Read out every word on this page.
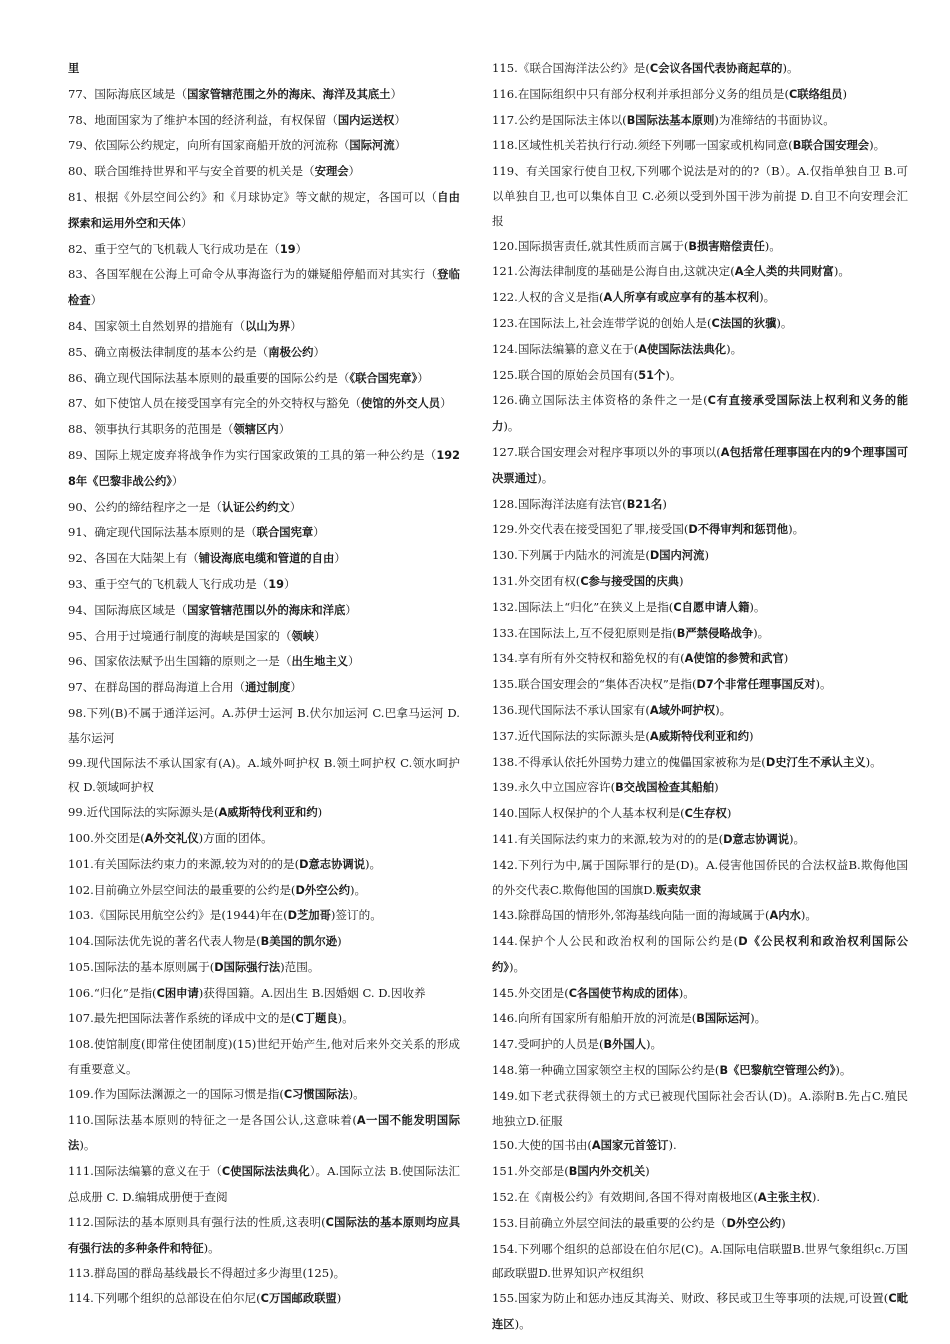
里

77、国际海底区域是（国家管辖范围之外的海床、海洋及其底土）

78、地面国家为了维护本国的经济利益，有权保留（国内运送权）

79、依国际公约规定，向所有国家商船开放的河流称（国际河流）

80、联合国维持世界和平与安全首要的机关是（安理会）

81、根据《外层空间公约》和《月球协定》等文献的规定，各国可以（自由探索和运用外空和天体）

82、重于空气的飞机载人飞行成功是在（19）

83、各国军舰在公海上可命令从事海盗行为的嫌疑船停船而对其实行（登临检查）

84、国家领土自然划界的措施有（以山为界）

85、确立南极法律制度的基本公约是（南极公约）

86、确立现代国际法基本原则的最重要的国际公约是（《联合国宪章》）

87、如下使馆人员在接受国享有完全的外交特权与豁免（使馆的外交人员）

88、领事执行其职务的范围是（领辖区内）

89、国际上规定废弃将战争作为实行国家政策的工具的第一种公约是（1928年《巴黎非战公约》）

90、公约的缔结程序之一是（认证公约约文）

91、确定现代国际法基本原则的是（联合国宪章）

92、各国在大陆架上有（铺设海底电缆和管道的自由）

93、重于空气的飞机载人飞行成功是（19）

94、国际海底区域是（国家管辖范围以外的海床和洋底）

95、合用于过境通行制度的海峡是国家的（领峡）

96、国家依法赋予出生国籍的原则之一是（出生地主义）

97、在群岛国的群岛海道上合用（通过制度）

98.下列(B)不属于通洋运河。A.苏伊士运河 B.伏尔加运河 C.巴拿马运河 D.基尔运河

99.现代国际法不承认国家有(A)。A.域外呵护权 B.领土呵护权 C.领水呵护权 D.领域呵护权

99.近代国际法的实际源头是(A威斯特伐利亚和约)

100.外交团是(A外交礼仪)方面的团体。

101.有关国际法约束力的来源,较为对的的是(D意志协调说)。

102.目前确立外层空间法的最重要的公约是(D外空公约)。

103.《国际民用航空公约》是(1944)年在(D芝加哥)签订的。

104.国际法优先说的著名代表人物是(B美国的凯尔逊)

105.国际法的基本原则属于(D国际强行法)范围。

106.“归化”是指(C困申请)获得国籍。A.因出生 B.因婚姻 C. D.因收养

107.最先把国际法著作系统的译成中文的是(C丁题良)。

108.使馆制度(即常住使团制度)(15)世纪开始产生,他对后来外交关系的形成有重要意义。

109.作为国际法渊源之一的国际习惯是指(C习惯国际法)。

110.国际法基本原则的特征之一是各国公认,这意味着(A一国不能发明国际法)。

111.国际法编纂的意义在于（C使国际法法典化）。A.国际立法 B.使国际法汇总成册 C. D.编辑成册便于查阅

112.国际法的基本原则具有强行法的性质,这表明(C国际法的基本原则均应具有强行法的多种条件和特征)。

113.群岛国的群岛基线最长不得超过多少海里(125)。

114.下列哪个组织的总部设在伯尔尼(C万国邮政联盟)

115.《联合国海洋法公约》是(C会议各国代表协商起草的)。

116.在国际组织中只有部分权利并承担部分义务的组员是(C联络组员)

117.公约是国际法主体以(B国际法基本原则)为准缔结的书面协议。

118.区域性机关若执行行动.须经下列哪一国家或机构同意(B联合国安理会)。

119、有关国家行使自卫权,下列哪个说法是对的的?（B）。A.仅指单独自卫 B.可以单独自卫,也可以集体自卫 C.必须以受到外国干涉为前提 D.自卫不向安理会汇报

120.国际损害责任,就其性质而言属于(B损害赔偿责任)。

121.公海法律制度的基础是公海自由,这就决定(A全人类的共同财富)。

122.人权的含义是指(A人所享有或应享有的基本权利)。

123.在国际法上,社会连带学说的创始人是(C法国的狄骥)。

124.国际法编纂的意义在于(A使国际法法典化)。

125.联合国的原始会员国有(51个)。

126.确立国际法主体资格的条件之一是(C有直接承受国际法上权利和义务的能力)。

127.联合国安理会对程序事项以外的事项以(A包括常任理事国在内的9个理事国可决票通过)。

128.国际海洋法庭有法官(B21名)

129.外交代表在接受国犯了罪,接受国(D不得审判和惩罚他)。

130.下列属于内陆水的河流是(D国内河流)

131.外交团有权(C参与接受国的庆典)

132.国际法上“归化”在狭义上是指(C自愿申请人籍)。

133.在国际法上,互不侵犯原则是指(B严禁侵略战争)。

134.享有所有外交特权和豁免权的有(A使馆的参赞和武官)

135.联合国安理会的“集体否决权”是指(D7个非常任理事国反对)。

136.现代国际法不承认国家有(A域外呵护权)。

137.近代国际法的实际源头是(A威斯特伐利亚和约)

138.不得承认依托外国势力建立的傀儡国家被称为是(D史汀生不承认主义)。

139.永久中立国应容许(B交战国检查其船舶)

140.国际人权保护的个人基本权利是(C生存权)

141.有关国际法约束力的来源,较为对的的是(D意志协调说)。

142.下列行为中,属于国际罪行的是(D)。A.侵害他国侨民的合法权益B.欺侮他国的外交代表C.欺侮他国的国旗D.贩卖奴隶

143.除群岛国的情形外,邻海基线向陆一面的海域属于(A内水)。

144.保护个人公民和政治权利的国际公约是(D《公民权利和政治权利国际公约》)。

145.外交团是(C各国使节构成的团体)。

146.向所有国家所有船舶开放的河流是(B国际运河)。

147.受呵护的人员是(B外国人)。

148.第一种确立国家领空主权的国际公约是(B《巴黎航空管理公约》)。

149.如下老式获得领土的方式已被现代国际社会否认(D)。A.添附B.先占C.殖民地独立D.征服

150.大使的国书由(A国家元首签订).

151.外交部是(B国内外交机关)

152.在《南极公约》有效期间,各国不得对南极地区(A主张主权).

153.目前确立外层空间法的最重要的公约是（D外空公约)

154.下列哪个组织的总部设在伯尔尼(C)。A.国际电信联盟B.世界气象组织c.万国邮政联盟D.世界知识产权组织

155.国家为防止和惩办违反其海关、财政、移民或卫生等事项的法规,可设置(C毗连区)。
